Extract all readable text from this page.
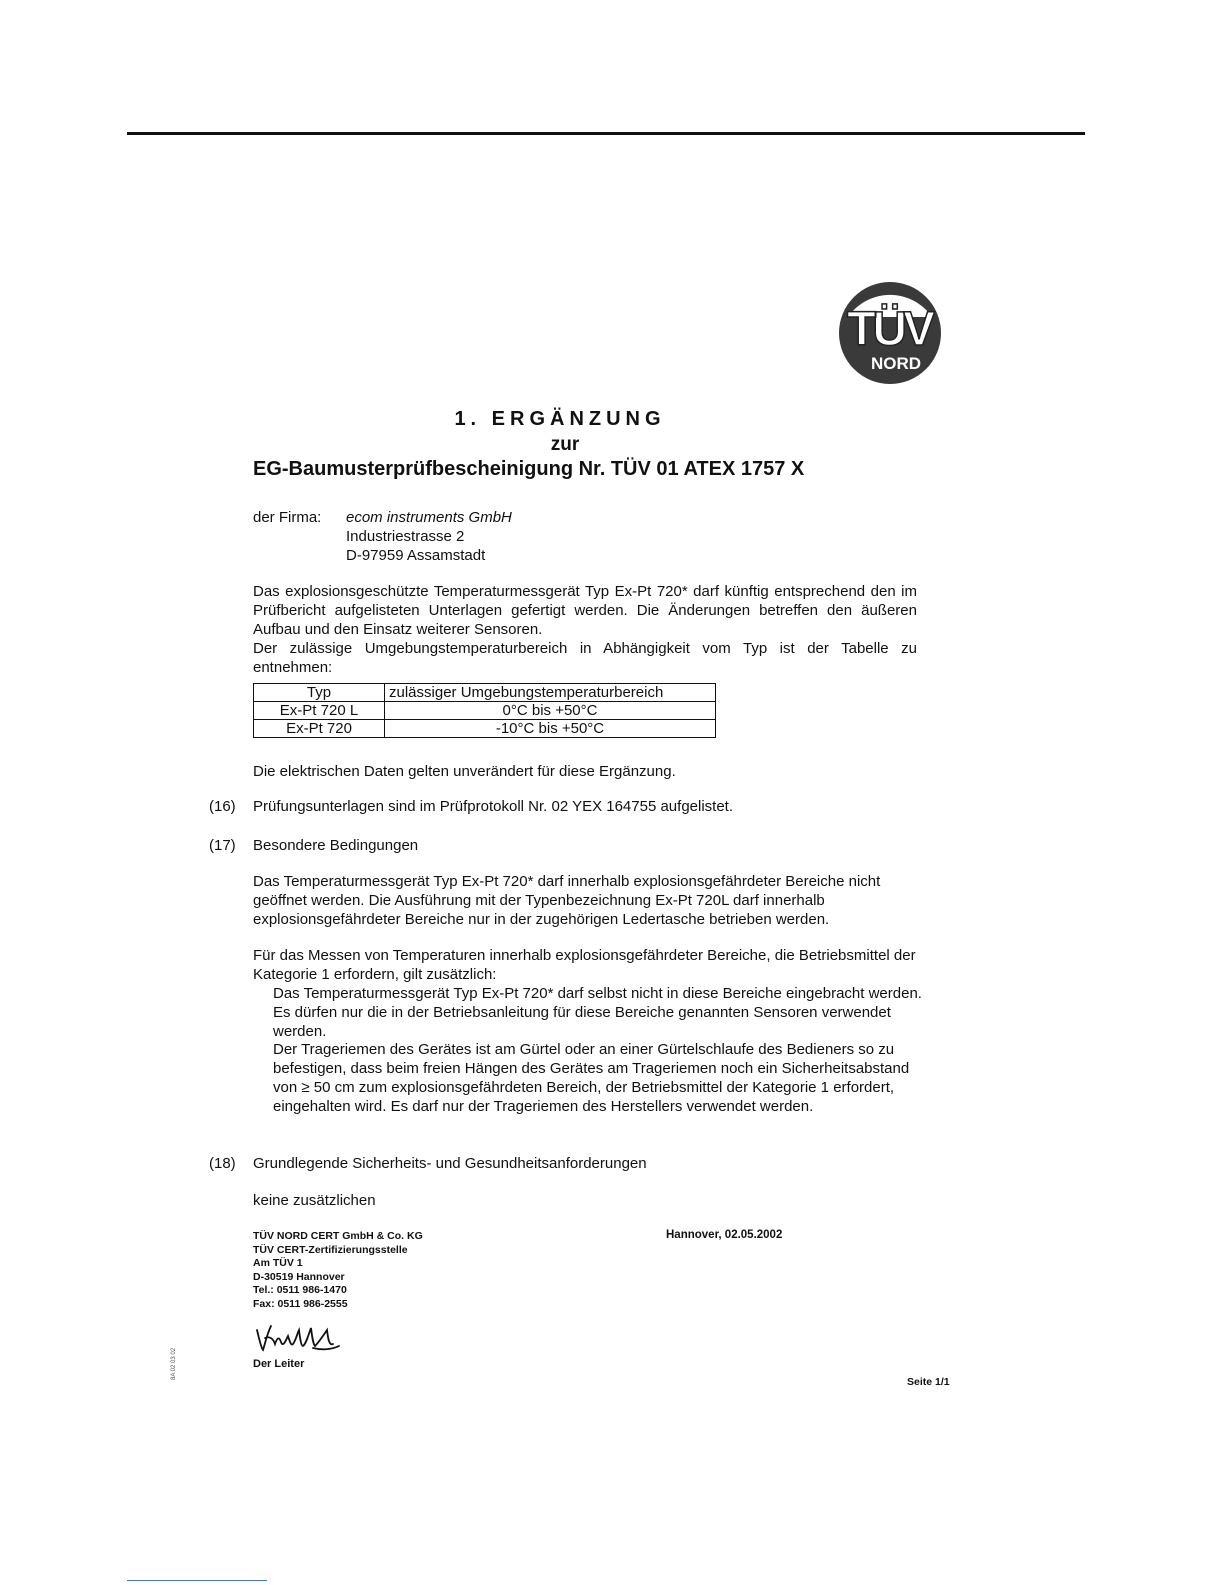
TÜV
NORD
1. ERGÄNZUNG
zur
EG-Baumusterprüfbescheinigung Nr. TÜV 01 ATEX 1757 X
der Firma: ecom instruments GmbH
Industriestrasse 2
D-97959 Assamstadt
Das explosionsgeschützte Temperaturmessgerät Typ Ex-Pt 720* darf künftig entsprechend den im Prüfbericht aufgelisteten Unterlagen gefertigt werden. Die Änderungen betreffen den äußeren Aufbau und den Einsatz weiterer Sensoren.
Der zulässige Umgebungstemperaturbereich in Abhängigkeit vom Typ ist der Tabelle zu
entnehmen:
Typ	zulässiger Umgebungstemperaturbereich
Ex-Pt 720 L	0°C bis +50°C
Ex-Pt 720	-10°C bis +50°C
Die elektrischen Daten gelten unverändert für diese Ergänzung.
(16) Prüfungsunterlagen sind im Prüfprotokoll Nr. 02 YEX 164755 aufgelistet.
(17) Besondere Bedingungen
Das Temperaturmessgerät Typ Ex-Pt 720* darf innerhalb explosionsgefährdeter Bereiche nicht geöffnet werden. Die Ausführung mit der Typenbezeichnung Ex-Pt 720L darf innerhalb explosionsgefährdeter Bereiche nur in der zugehörigen Ledertasche betrieben werden.
Für das Messen von Temperaturen innerhalb explosionsgefährdeter Bereiche, die Betriebsmittel der Kategorie 1 erfordern, gilt zusätzlich:
Das Temperaturmessgerät Typ Ex-Pt 720* darf selbst nicht in diese Bereiche eingebracht werden. Es dürfen nur die in der Betriebsanleitung für diese Bereiche genannten Sensoren verwendet werden.
Der Trageriemen des Gerätes ist am Gürtel oder an einer Gürtelschlaufe des Bedieners so zu befestigen, dass beim freien Hängen des Gerätes am Trageriemen noch ein Sicherheitsabstand von ≥ 50 cm zum explosionsgefährdeten Bereich, der Betriebsmittel der Kategorie 1 erfordert, eingehalten wird. Es darf nur der Trageriemen des Herstellers verwendet werden.
(18) Grundlegende Sicherheits- und Gesundheitsanforderungen
keine zusätzlichen
TÜV NORD CERT GmbH & Co. KG
TÜV CERT-Zertifizierungsstelle
Am TÜV 1
D-30519 Hannover
Tel.: 0511 986-1470
Fax: 0511 986-2555
Hannover, 02.05.2002
Der Leiter
Seite 1/1
8A 02 03 02
